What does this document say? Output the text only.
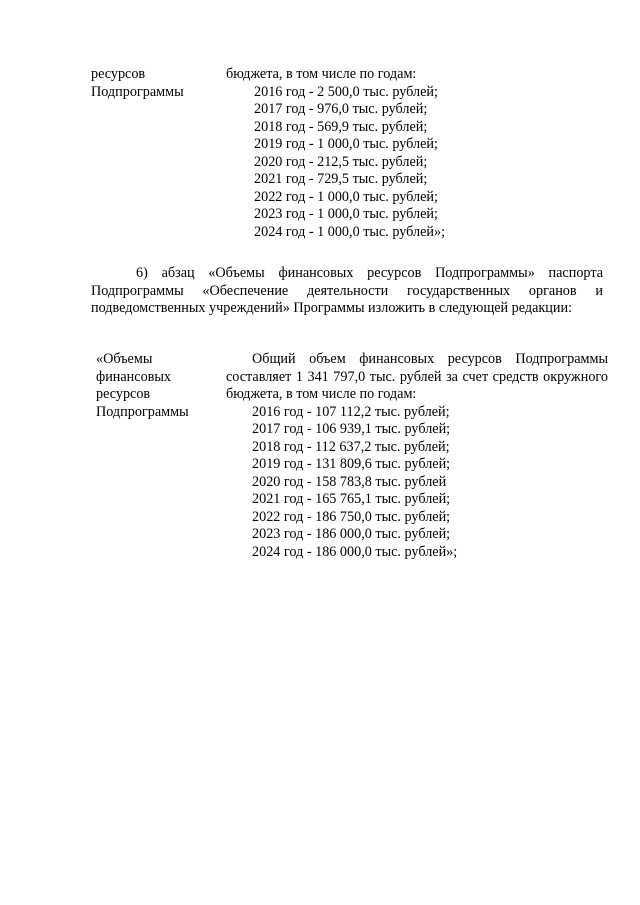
ресурсов
Подпрограммы
бюджета, в том числе по годам:
2016 год - 2 500,0 тыс. рублей;
2017 год - 976,0 тыс. рублей;
2018 год - 569,9 тыс. рублей;
2019 год - 1 000,0 тыс. рублей;
2020 год - 212,5 тыс. рублей;
2021 год - 729,5 тыс. рублей;
2022 год - 1 000,0 тыс. рублей;
2023 год - 1 000,0 тыс. рублей;
2024 год - 1 000,0 тыс. рублей»;
6) абзац «Объемы финансовых ресурсов Подпрограммы» паспорта Подпрограммы «Обеспечение деятельности государственных органов и подведомственных учреждений» Программы изложить в следующей редакции:
«Объемы
финансовых
ресурсов
Подпрограммы
Общий объем финансовых ресурсов Подпрограммы составляет 1 341 797,0 тыс. рублей за счет средств окружного бюджета, в том числе по годам:
2016 год - 107 112,2 тыс. рублей;
2017 год - 106 939,1 тыс. рублей;
2018 год - 112 637,2 тыс. рублей;
2019 год - 131 809,6 тыс. рублей;
2020 год - 158 783,8 тыс. рублей
2021 год - 165 765,1 тыс. рублей;
2022 год - 186 750,0 тыс. рублей;
2023 год - 186 000,0 тыс. рублей;
2024 год - 186 000,0 тыс. рублей»;
